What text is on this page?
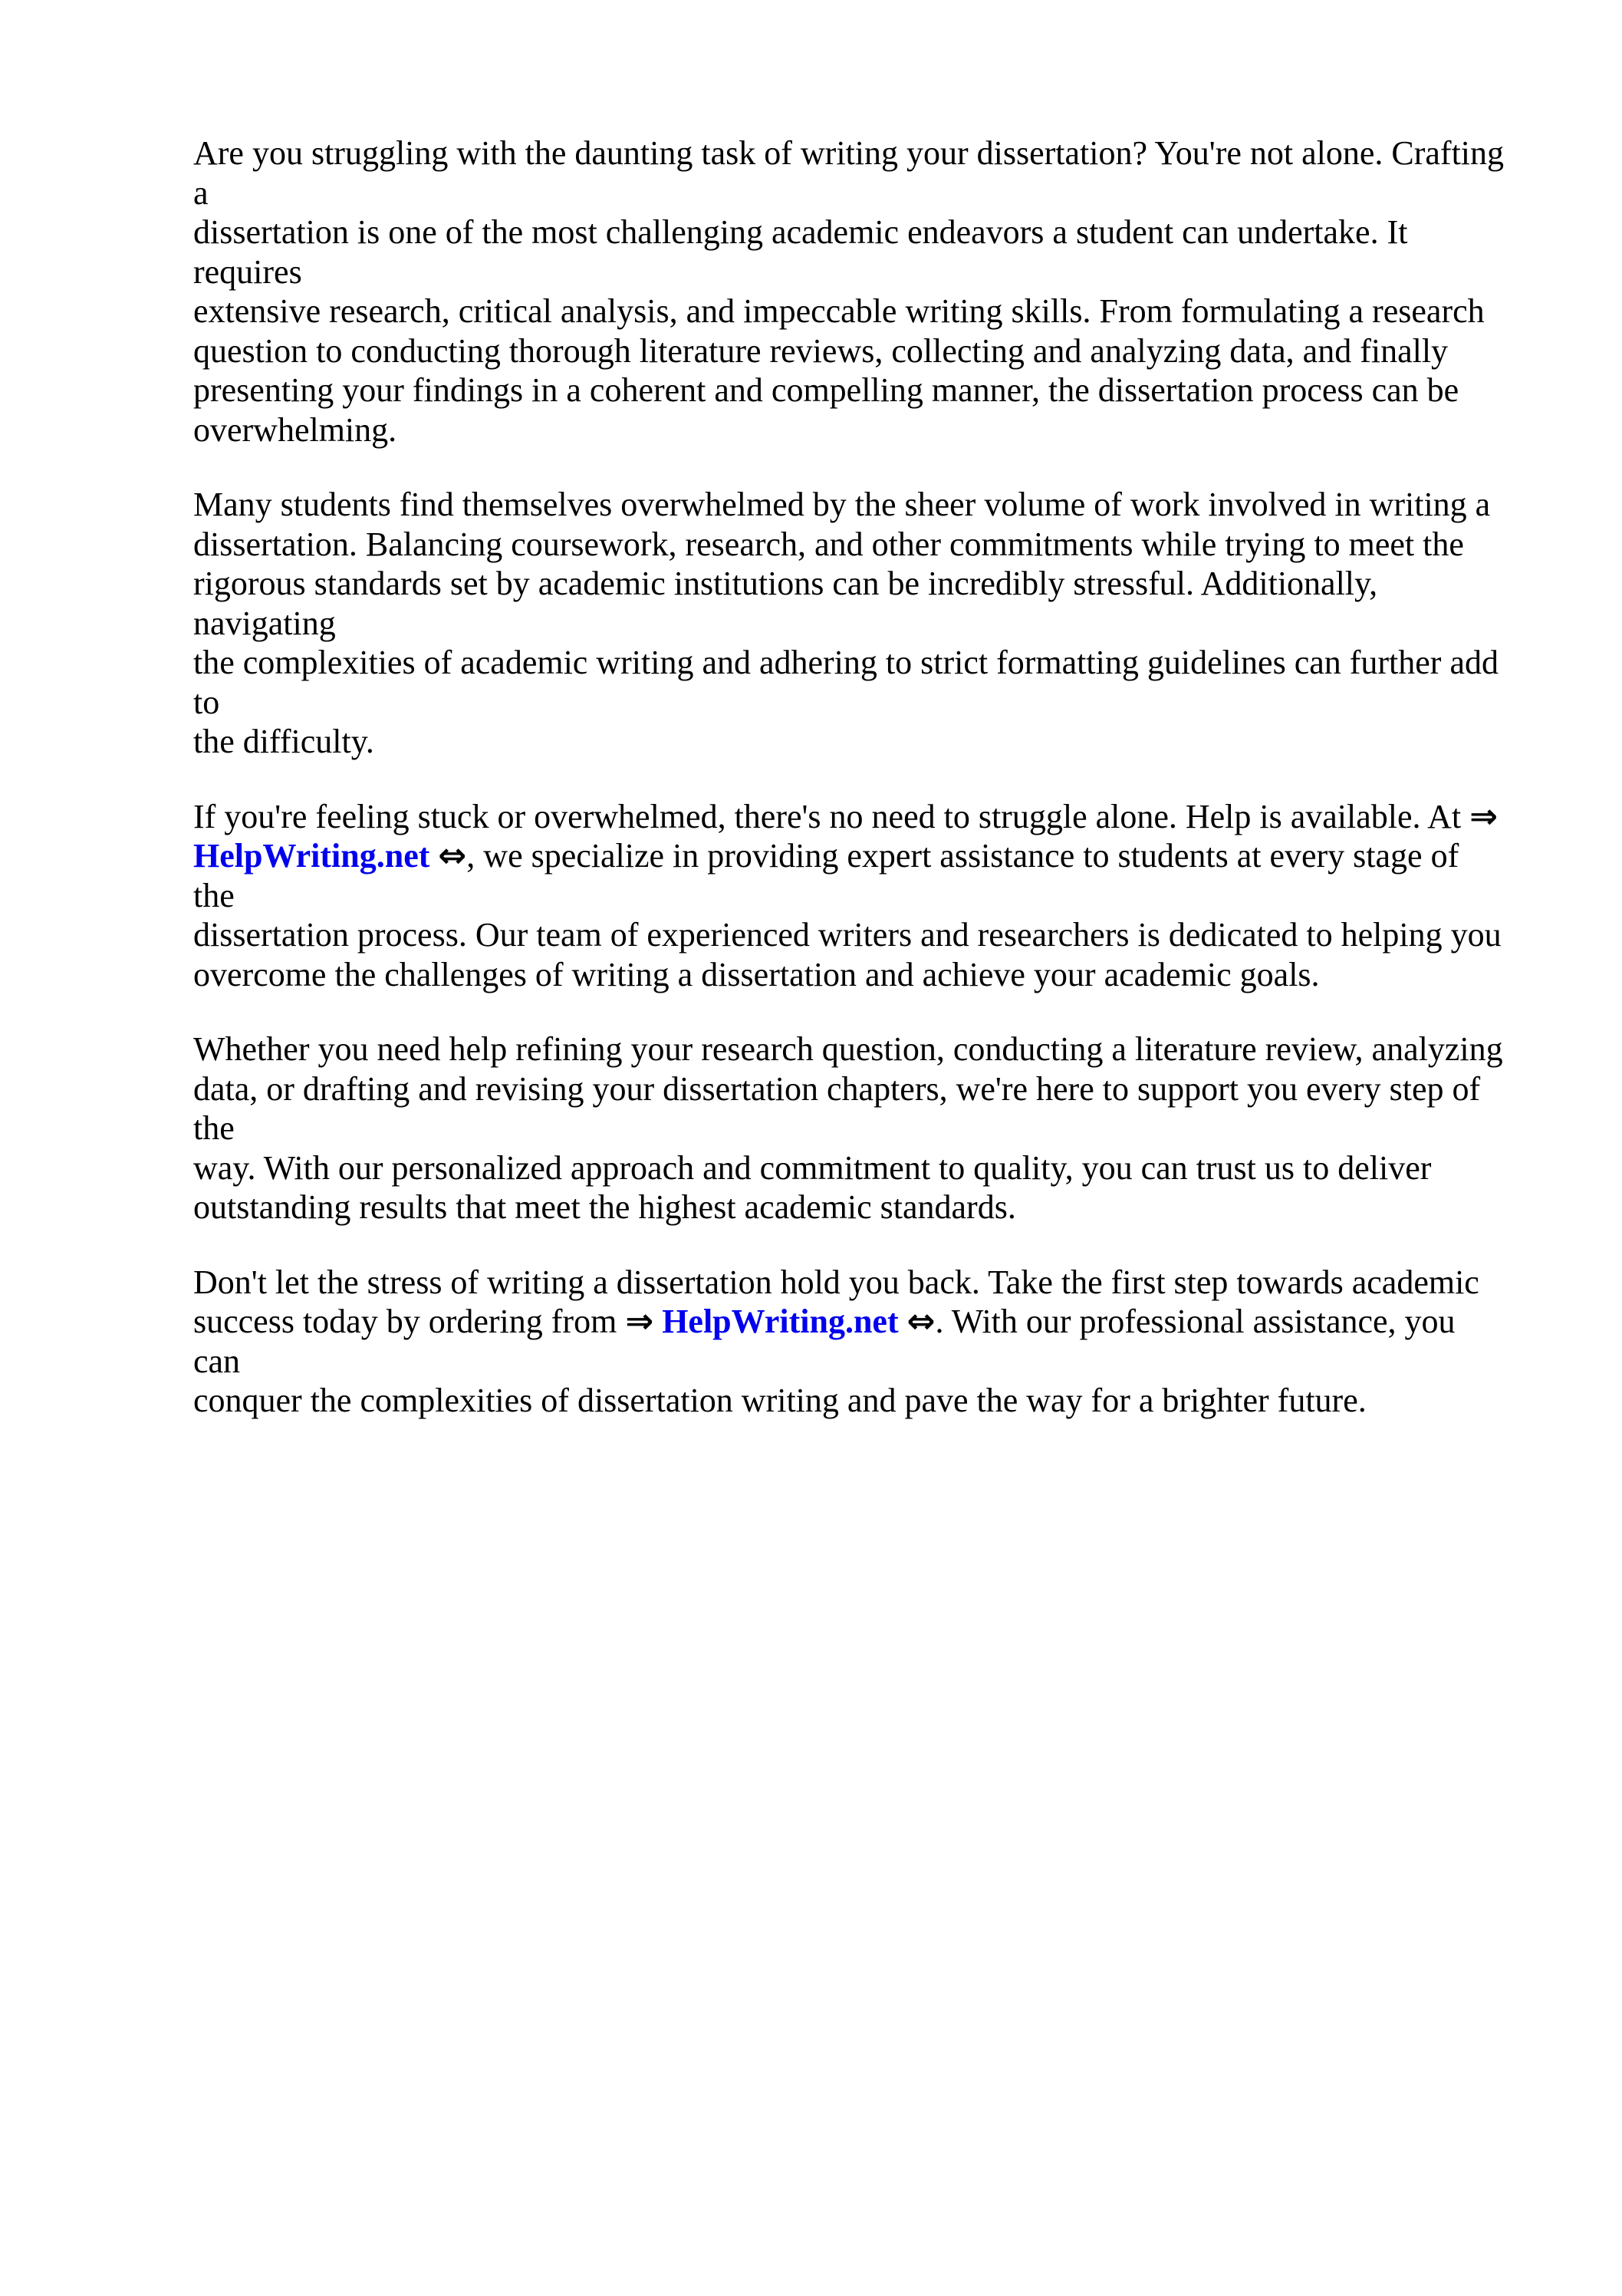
Are you struggling with the daunting task of writing your dissertation? You're not alone. Crafting a
dissertation is one of the most challenging academic endeavors a student can undertake. It requires
extensive research, critical analysis, and impeccable writing skills. From formulating a research
question to conducting thorough literature reviews, collecting and analyzing data, and finally
presenting your findings in a coherent and compelling manner, the dissertation process can be
overwhelming.

Many students find themselves overwhelmed by the sheer volume of work involved in writing a
dissertation. Balancing coursework, research, and other commitments while trying to meet the
rigorous standards set by academic institutions can be incredibly stressful. Additionally, navigating
the complexities of academic writing and adhering to strict formatting guidelines can further add to
the difficulty.

If you're feeling stuck or overwhelmed, there's no need to struggle alone. Help is available. At ⇒
HelpWriting.net ⇔, we specialize in providing expert assistance to students at every stage of the
dissertation process. Our team of experienced writers and researchers is dedicated to helping you
overcome the challenges of writing a dissertation and achieve your academic goals.

Whether you need help refining your research question, conducting a literature review, analyzing
data, or drafting and revising your dissertation chapters, we're here to support you every step of the
way. With our personalized approach and commitment to quality, you can trust us to deliver
outstanding results that meet the highest academic standards.

Don't let the stress of writing a dissertation hold you back. Take the first step towards academic
success today by ordering from ⇒ HelpWriting.net ⇔. With our professional assistance, you can
conquer the complexities of dissertation writing and pave the way for a brighter future.
